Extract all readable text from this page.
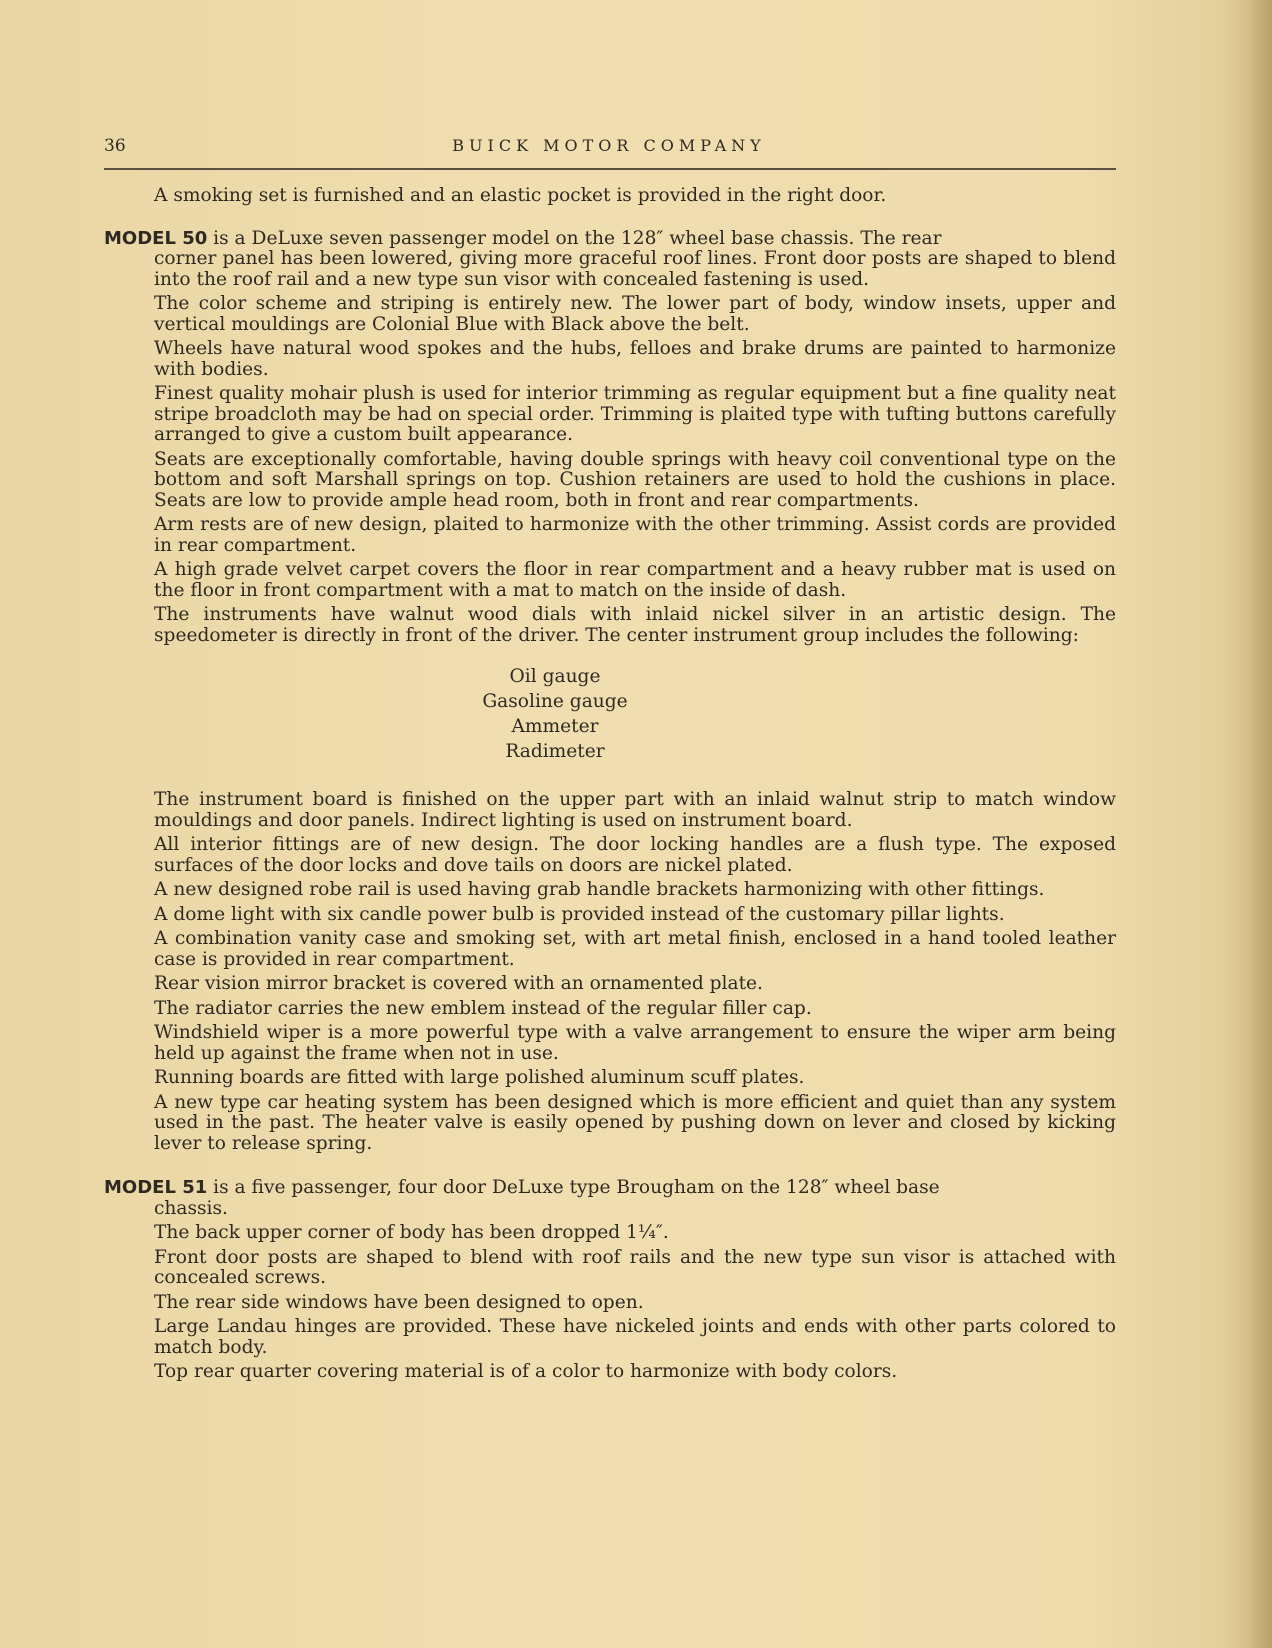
36	BUICK MOTOR COMPANY

A smoking set is furnished and an elastic pocket is provided in the right door.

MODEL 50 is a DeLuxe seven passenger model on the 128″ wheel base chassis. The rear
corner panel has been lowered, giving more graceful roof lines. Front door posts are shaped to blend into the roof rail and a new type sun visor with concealed fastening is used.

The color scheme and striping is entirely new. The lower part of body, window insets, upper and vertical mouldings are Colonial Blue with Black above the belt.

Wheels have natural wood spokes and the hubs, felloes and brake drums are painted to harmonize with bodies.

Finest quality mohair plush is used for interior trimming as regular equipment but a fine quality neat stripe broadcloth may be had on special order. Trimming is plaited type with tufting buttons carefully arranged to give a custom built appearance.

Seats are exceptionally comfortable, having double springs with heavy coil conventional type on the bottom and soft Marshall springs on top. Cushion retainers are used to hold the cushions in place. Seats are low to provide ample head room, both in front and rear compartments.

Arm rests are of new design, plaited to harmonize with the other trimming. Assist cords are provided in rear compartment.

A high grade velvet carpet covers the floor in rear compartment and a heavy rubber mat is used on the floor in front compartment with a mat to match on the inside of dash.

The instruments have walnut wood dials with inlaid nickel silver in an artistic design. The speedometer is directly in front of the driver. The center instrument group includes the following:

Oil gauge
Gasoline gauge
Ammeter
Radimeter

The instrument board is finished on the upper part with an inlaid walnut strip to match window mouldings and door panels. Indirect lighting is used on instrument board.

All interior fittings are of new design. The door locking handles are a flush type. The exposed surfaces of the door locks and dove tails on doors are nickel plated.

A new designed robe rail is used having grab handle brackets harmonizing with other fittings.

A dome light with six candle power bulb is provided instead of the customary pillar lights.

A combination vanity case and smoking set, with art metal finish, enclosed in a hand tooled leather case is provided in rear compartment.

Rear vision mirror bracket is covered with an ornamented plate.

The radiator carries the new emblem instead of the regular filler cap.

Windshield wiper is a more powerful type with a valve arrangement to ensure the wiper arm being held up against the frame when not in use.

Running boards are fitted with large polished aluminum scuff plates.

A new type car heating system has been designed which is more efficient and quiet than any system used in the past. The heater valve is easily opened by pushing down on lever and closed by kicking lever to release spring.

MODEL 51 is a five passenger, four door DeLuxe type Brougham on the 128″ wheel base
chassis.

The back upper corner of body has been dropped 1¼″.

Front door posts are shaped to blend with roof rails and the new type sun visor is attached with concealed screws.

The rear side windows have been designed to open.

Large Landau hinges are provided. These have nickeled joints and ends with other parts colored to match body.

Top rear quarter covering material is of a color to harmonize with body colors.
